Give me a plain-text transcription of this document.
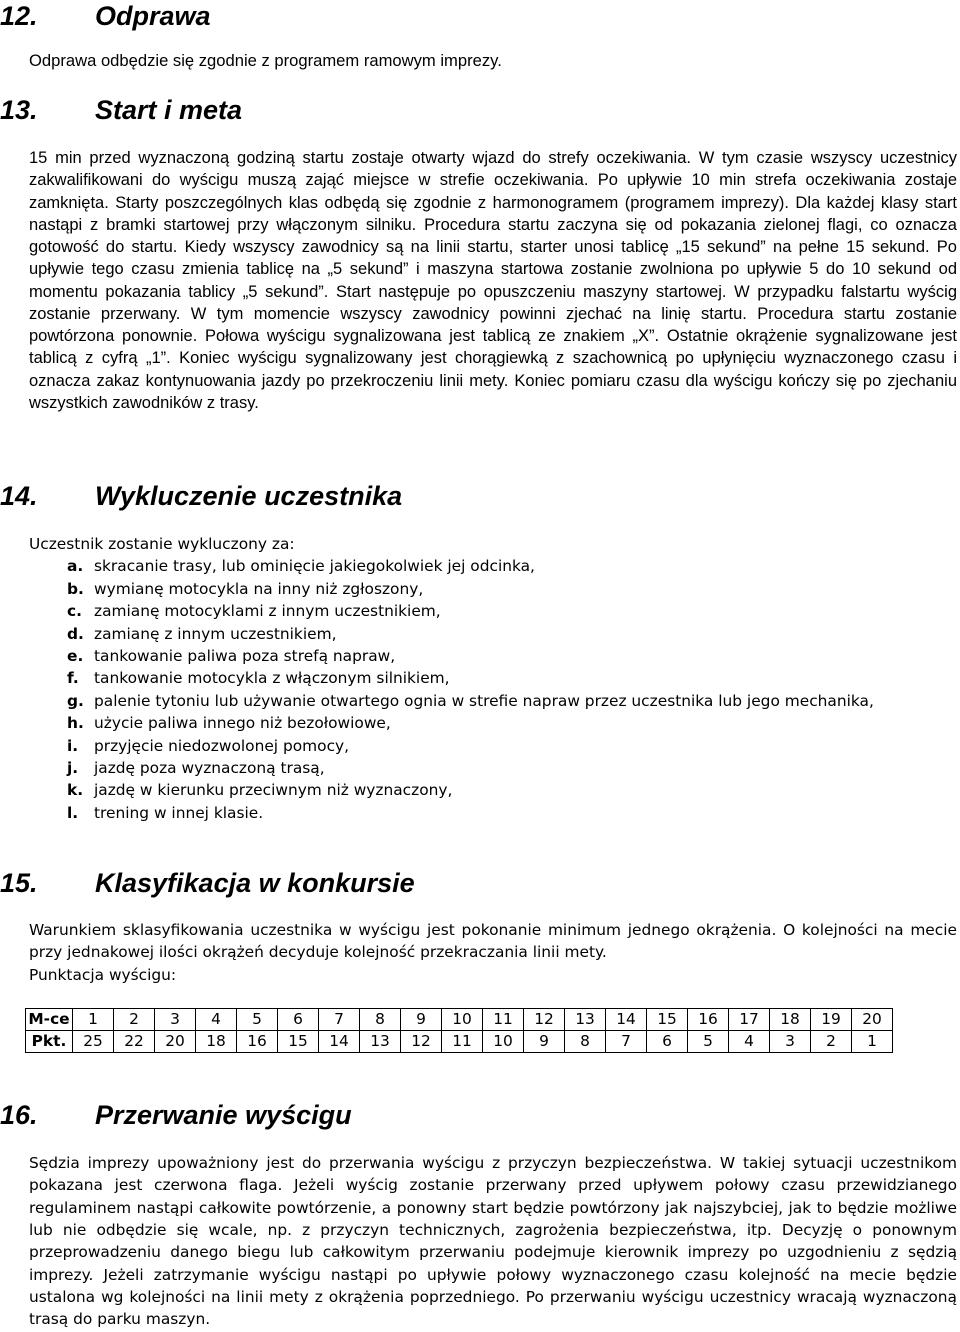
12. Odprawa

Odprawa odbędzie się zgodnie z programem ramowym imprezy.

13. Start i meta

15 min przed wyznaczoną godziną startu zostaje otwarty wjazd do strefy oczekiwania. W tym czasie wszyscy uczestnicy zakwalifikowani do wyścigu muszą zająć miejsce w strefie oczekiwania. Po upływie 10 min strefa oczekiwania zostaje zamknięta. Starty poszczególnych klas odbędą się zgodnie z harmonogramem (programem imprezy). Dla każdej klasy start nastąpi z bramki startowej przy włączonym silniku. Procedura startu zaczyna się od pokazania zielonej flagi, co oznacza gotowość do startu. Kiedy wszyscy zawodnicy są na linii startu, starter unosi tablicę „15 sekund” na pełne 15 sekund. Po upływie tego czasu zmienia tablicę na „5 sekund” i maszyna startowa zostanie zwolniona po upływie 5 do 10 sekund od momentu pokazania tablicy „5 sekund”. Start następuje po opuszczeniu maszyny startowej. W przypadku falstartu wyścig zostanie przerwany. W tym momencie wszyscy zawodnicy powinni zjechać na linię startu. Procedura startu zostanie powtórzona ponownie. Połowa wyścigu sygnalizowana jest tablicą ze znakiem „X”. Ostatnie okrążenie sygnalizowane jest tablicą z cyfrą „1”. Koniec wyścigu sygnalizowany jest chorągiewką z szachownicą po upłynięciu wyznaczonego czasu i oznacza zakaz kontynuowania jazdy po przekroczeniu linii mety. Koniec pomiaru czasu dla wyścigu kończy się po zjechaniu wszystkich zawodników z trasy.

14. Wykluczenie uczestnika
Uczestnik zostanie wykluczony za:
a. skracanie trasy, lub ominięcie jakiegokolwiek jej odcinka,
b. wymianę motocykla na inny niż zgłoszony,
c. zamianę motocyklami z innym uczestnikiem,
d. zamianę z innym uczestnikiem,
e. tankowanie paliwa poza strefą napraw,
f. tankowanie motocykla z włączonym silnikiem,
g. palenie tytoniu lub używanie otwartego ognia w strefie napraw przez uczestnika lub jego mechanika,
h. użycie paliwa innego niż bezołowiowe,
i. przyjęcie niedozwolonej pomocy,
j. jazdę poza wyznaczoną trasą,
k. jazdę w kierunku przeciwnym niż wyznaczony,
l. trening w innej klasie.
15. Klasyfikacja w konkursie

Warunkiem sklasyfikowania uczestnika w wyścigu jest pokonanie minimum jednego okrążenia. O kolejności na mecie przy jednakowej ilości okrążeń decyduje kolejność przekraczania linii mety.

Punktacja wyścigu:

M-ce	1	2	3	4	5	6	7	8	9	10	11	12	13	14	15	16	17	18	19	20
Pkt.	25	22	20	18	16	15	14	13	12	11	10	9	8	7	6	5	4	3	2	1
16. Przerwanie wyścigu

Sędzia imprezy upoważniony jest do przerwania wyścigu z przyczyn bezpieczeństwa. W takiej sytuacji uczestnikom pokazana jest czerwona flaga. Jeżeli wyścig zostanie przerwany przed upływem połowy czasu przewidzianego regulaminem nastąpi całkowite powtórzenie, a ponowny start będzie powtórzony jak najszybciej, jak to będzie możliwe lub nie odbędzie się wcale, np. z przyczyn technicznych, zagrożenia bezpieczeństwa, itp. Decyzję o ponownym przeprowadzeniu danego biegu lub całkowitym przerwaniu podejmuje kierownik imprezy po uzgodnieniu z sędzią imprezy. Jeżeli zatrzymanie wyścigu nastąpi po upływie połowy wyznaczonego czasu kolejność na mecie będzie ustalona wg kolejności na linii mety z okrążenia poprzedniego. Po przerwaniu wyścigu uczestnicy wracają wyznaczoną trasą do parku maszyn.
